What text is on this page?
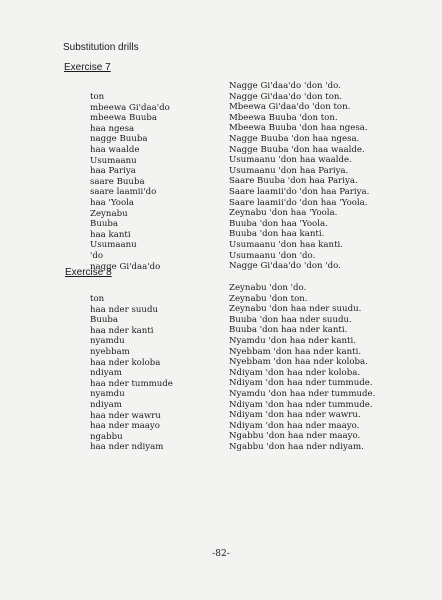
Substitution drills
Exercise 7
ton
mbeewa Gi'daa'do
mbeewa Buuba
haa ngesa
nagge Buuba
haa waalde
Usumaanu
haa Pariya
saare Buuba
saare laamii'do
haa 'Yoola
Zeynabu
Buuba
haa kanti
Usumaanu
'do
nagge Gi'daa'do
Nagge Gi'daa'do 'don 'do.
Nagge Gi'daa'do 'don ton.
Mbeewa Gi'daa'do 'don ton.
Mbeewa Buuba 'don ton.
Mbeewa Buuba 'don haa ngesa.
Nagge Buuba 'don haa ngesa.
Nagge Buuba 'don haa waalde.
Usumaanu 'don haa waalde.
Usumaanu 'don haa Pariya.
Saare Buuba 'don haa Pariya.
Saare laamii'do 'don haa Pariya.
Saare laamii'do 'don haa 'Yoola.
Zeynabu 'don haa 'Yoola.
Buuba 'don haa 'Yoola.
Buuba 'don haa kanti.
Usumaanu 'don haa kanti.
Usumaanu 'don 'do.
Nagge Gi'daa'do 'don 'do.
Exercise 8
ton
haa nder suudu
Buuba
haa nder kanti
nyamdu
nyebbam
haa nder koloba
ndiyam
haa nder tummude
nyamdu
ndiyam
haa nder wawru
haa nder maayo
ngabbu
haa nder ndiyam
Zeynabu 'don 'do.
Zeynabu 'don ton.
Zeynabu 'don haa nder suudu.
Buuba 'don haa nder suudu.
Buuba 'don haa nder kanti.
Nyamdu 'don haa nder kanti.
Nyebbam 'don haa nder kanti.
Nyebbam 'don haa nder koloba.
Ndiyam 'don haa nder koloba.
Ndiyam 'don haa nder tummude.
Nyamdu 'don haa nder tummude.
Ndiyam 'don haa nder tummude.
Ndiyam 'don haa nder wawru.
Ndiyam 'don haa nder maayo.
Ngabbu 'don haa nder maayo.
Ngabbu 'don haa nder ndiyam.
-82-
